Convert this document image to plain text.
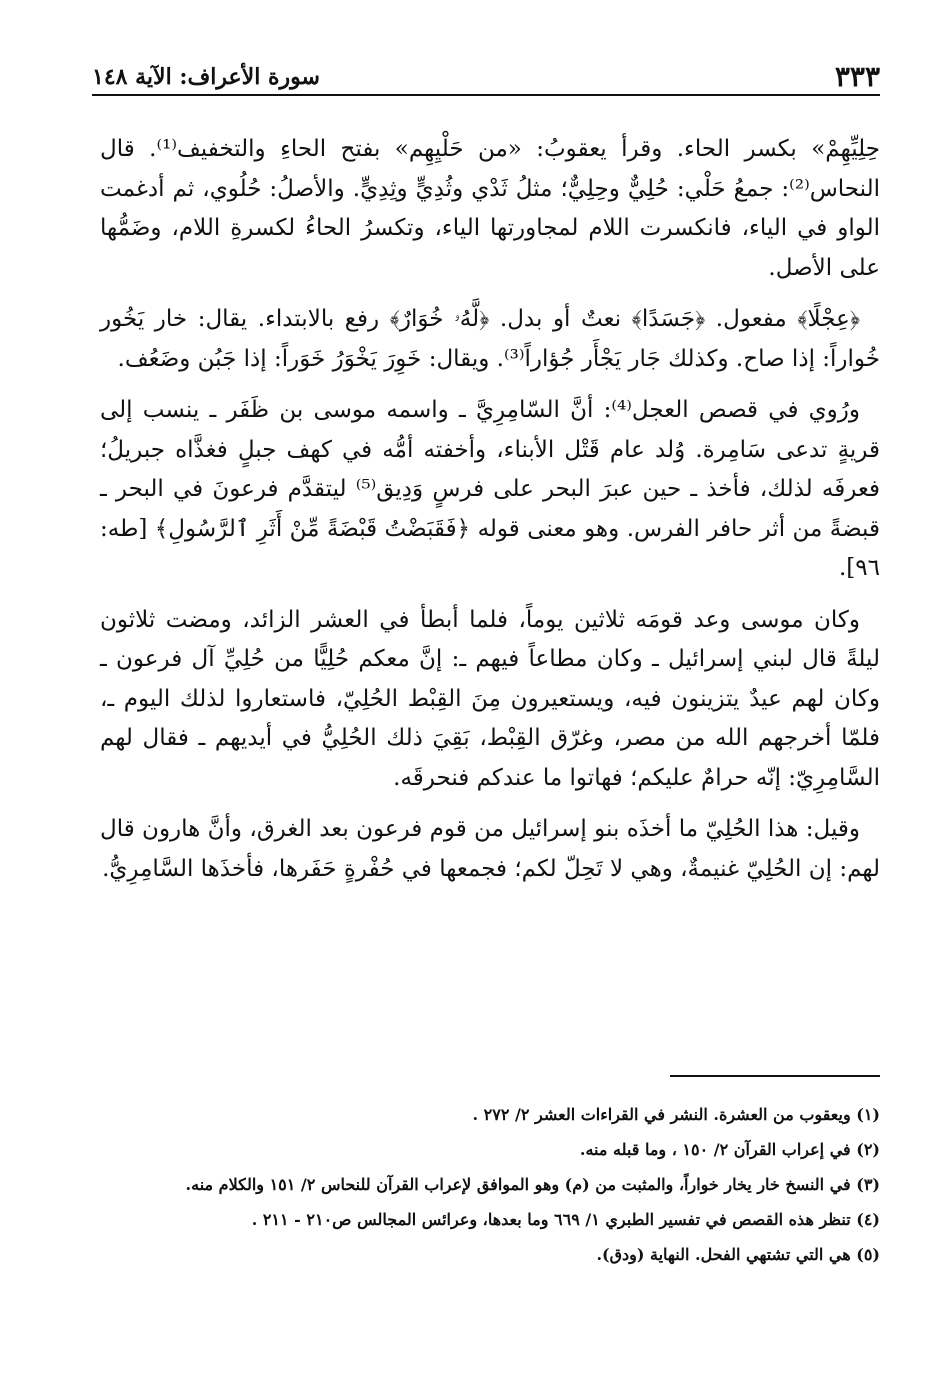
٣٣٣
سورة الأعراف: الآية ١٤٨

حِلِيِّهِمْ» بكسر الحاء. وقرأ يعقوبُ: «من حَلْيِهِم» بفتح الحاءِ والتخفيف⁽¹⁾. قال النحاس⁽²⁾: جمعُ حَلْي: حُلِيٌّ وحِلِيٌّ؛ مثلُ ثَدْي وثُدِيٍّ وثِدِيٍّ. والأصلُ: حُلُوي، ثم أدغمت الواو في الياء، فانكسرت اللام لمجاورتها الياء، وتكسرُ الحاءُ لكسرةِ اللام، وضَمُّها على الأصل.

﴿عِجْلًا﴾ مفعول. ﴿جَسَدًا﴾ نعتٌ أو بدل. ﴿لَّهُۥ خُوَارٌ﴾ رفع بالابتداء. يقال: خار يَخُور خُواراً: إذا صاح. وكذلك جَار يَجْأَر جُؤاراً⁽³⁾. ويقال: خَوِرَ يَخْوَرُ خَوَراً: إذا جَبُن وضَعُف.

ورُوي في قصص العجل⁽⁴⁾: أنَّ السّامِرِيَّ ـ واسمه موسى بن ظَفَر ـ ينسب إلى قريةٍ تدعى سَامِرة. وُلد عام قَتْل الأبناء، وأخفته أمُّه في كهف جبلٍ فغذَّاه جبريلُ؛ فعرفَه لذلك، فأخذ ـ حين عبرَ البحر على فرسٍ وَدِيق⁽⁵⁾ ليتقدَّم فرعونَ في البحر ـ قبضةً من أثر حافر الفرس. وهو معنى قوله ﴿فَقَبَضْتُ قَبْضَةً مِّنْ أَثَرِ ٱلرَّسُولِ﴾ [طه: ٩٦].

وكان موسى وعد قومَه ثلاثين يوماً، فلما أبطأ في العشر الزائد، ومضت ثلاثون ليلةً قال لبني إسرائيل ـ وكان مطاعاً فيهم ـ: إنَّ معكم حُلِيًّا من حُلِيِّ آل فرعون ـ وكان لهم عيدٌ يتزينون فيه، ويستعيرون مِنَ القِبْط الحُلِيّ، فاستعاروا لذلك اليوم ـ، فلمّا أخرجهم الله من مصر، وغرّق القِبْط، بَقِيَ ذلك الحُلِيُّ في أيديهم ـ فقال لهم السَّامِرِيّ: إنّه حرامٌ عليكم؛ فهاتوا ما عندكم فنحرقَه.

وقيل: هذا الحُلِيّ ما أخذَه بنو إسرائيل من قوم فرعون بعد الغرق، وأنَّ هارون قال لهم: إن الحُلِيّ غنيمةٌ، وهي لا تَحِلّ لكم؛ فجمعها في حُفْرةٍ حَفَرها، فأخذَها السَّامِرِيُّ.

(١) ويعقوب من العشرة. النشر في القراءات العشر ٢/ ٢٧٢ .

(٢) في إعراب القرآن ٢/ ١٥٠ ، وما قبله منه.

(٣) في النسخ خار يخار خواراً، والمثبت من (م) وهو الموافق لإعراب القرآن للنحاس ٢/ ١٥١ والكلام منه.

(٤) تنظر هذه القصص في تفسير الطبري ١/ ٦٦٩ وما بعدها، وعرائس المجالس ص٢١٠ - ٢١١ .

(٥) هي التي تشتهي الفحل. النهاية (ودق).
